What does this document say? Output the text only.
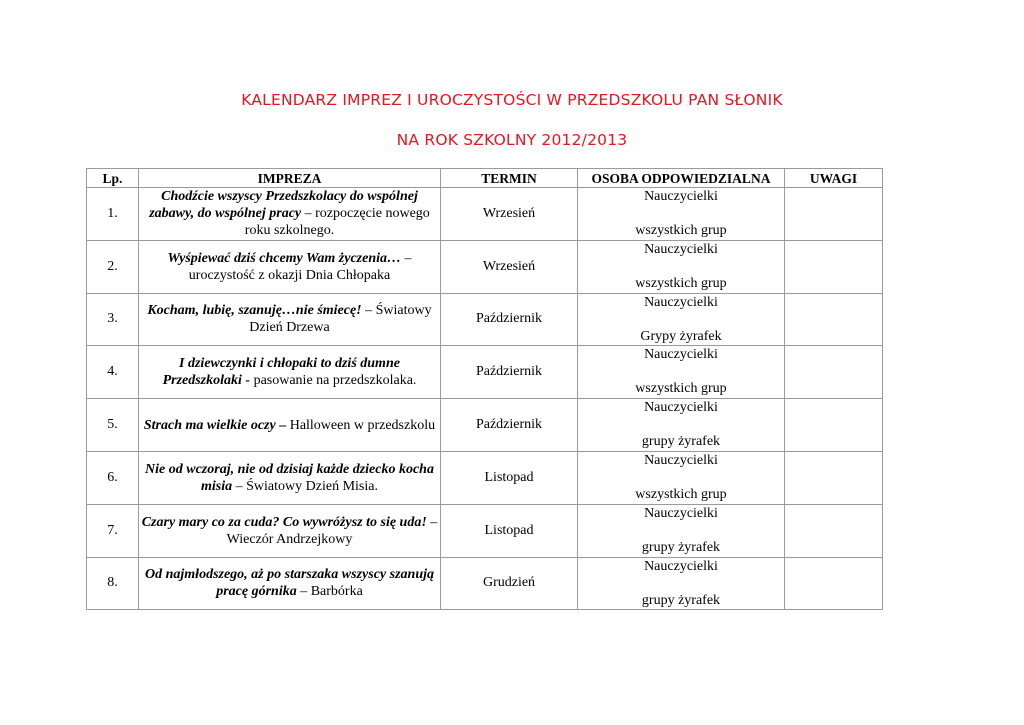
KALENDARZ IMPREZ I UROCZYSTOŚCI W PRZEDSZKOLU PAN SŁONIK
NA ROK SZKOLNY 2012/2013
Lp.	IMPREZA	TERMIN	OSOBA ODPOWIEDZIALNA	UWAGI
1.	Chodźcie wszyscy Przedszkolacy do wspólnej zabawy, do wspólnej pracy – rozpoczęcie nowego roku szkolnego.	Wrzesień	Nauczycielki
wszystkich grup	

2.	Wyśpiewać dziś chcemy Wam życzenia… – uroczystość z okazji Dnia Chłopaka	Wrzesień	Nauczycielki
wszystkich grup	

3.	Kocham, lubię, szanuję…nie śmiecę! – Światowy Dzień Drzewa	Październik	Nauczycielki
Grypy żyrafek	

4.	I dziewczynki i chłopaki to dziś dumne Przedszkolaki - pasowanie na przedszkolaka.	Październik	Nauczycielki
wszystkich grup	

5.	Strach ma wielkie oczy – Halloween w przedszkolu	Październik	Nauczycielki
grupy żyrafek	

6.	Nie od wczoraj, nie od dzisiaj każde dziecko kocha misia – Światowy Dzień Misia.	Listopad	Nauczycielki
wszystkich grup	

7.	Czary mary co za cuda? Co wywróżysz to się uda! – Wieczór Andrzejkowy	Listopad	Nauczycielki
grupy żyrafek	

8.	Od najmłodszego, aż po starszaka wszyscy szanują pracę górnika – Barbórka	Grudzień	Nauczycielki
grupy żyrafek	
